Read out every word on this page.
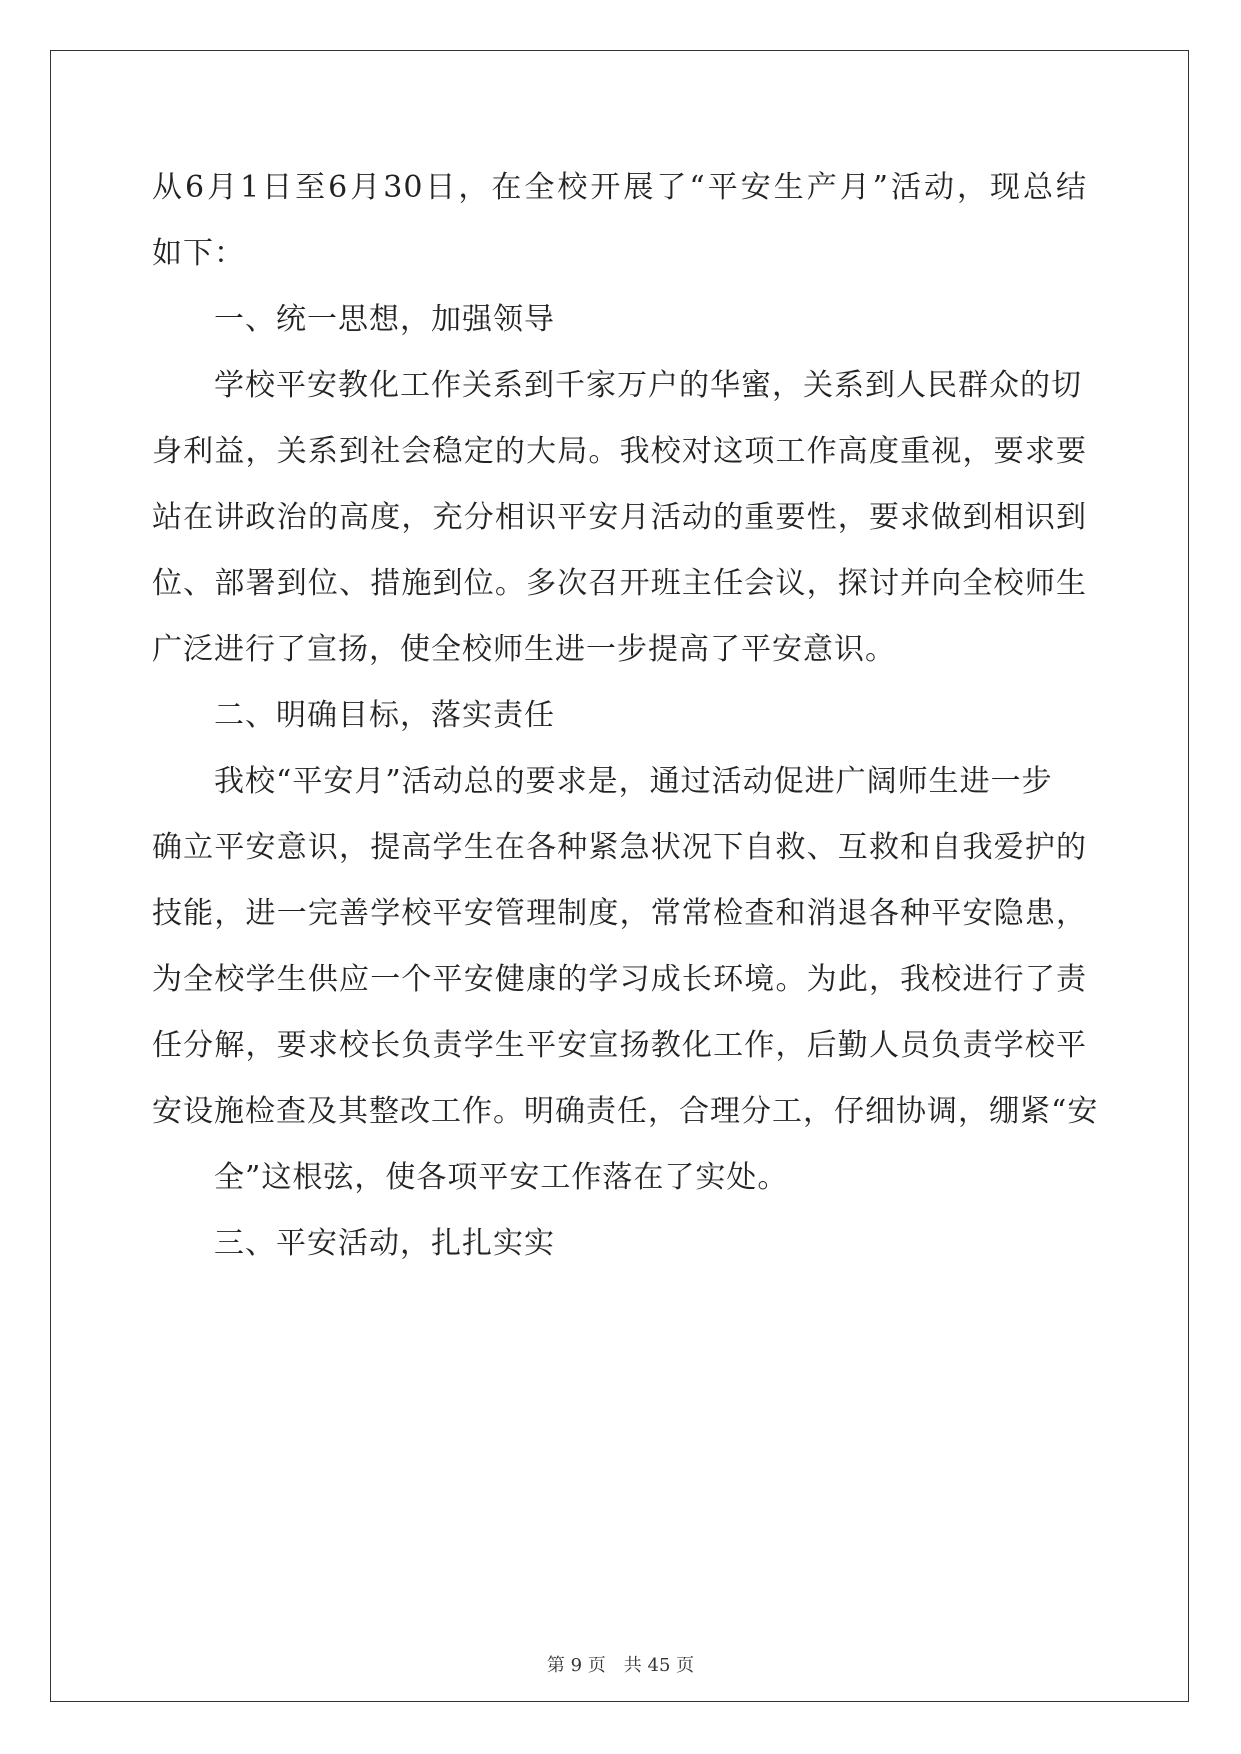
从6月1日至6月30日，在全校开展了“平安生产月”活动，现总结
如下：
一、统一思想，加强领导
学校平安教化工作关系到千家万户的华蜜，关系到人民群众的切
身利益，关系到社会稳定的大局。我校对这项工作高度重视，要求要
站在讲政治的高度，充分相识平安月活动的重要性，要求做到相识到
位、部署到位、措施到位。多次召开班主任会议，探讨并向全校师生
广泛进行了宣扬，使全校师生进一步提高了平安意识。
二、明确目标，落实责任
我校“平安月”活动总的要求是，通过活动促进广阔师生进一步
确立平安意识，提高学生在各种紧急状况下自救、互救和自我爱护的
技能，进一完善学校平安管理制度，常常检查和消退各种平安隐患，
为全校学生供应一个平安健康的学习成长环境。为此，我校进行了责
任分解，要求校长负责学生平安宣扬教化工作，后勤人员负责学校平
安设施检查及其整改工作。明确责任，合理分工，仔细协调，绷紧“安
全”这根弦，使各项平安工作落在了实处。
三、平安活动，扎扎实实
第 9 页　共 45 页
